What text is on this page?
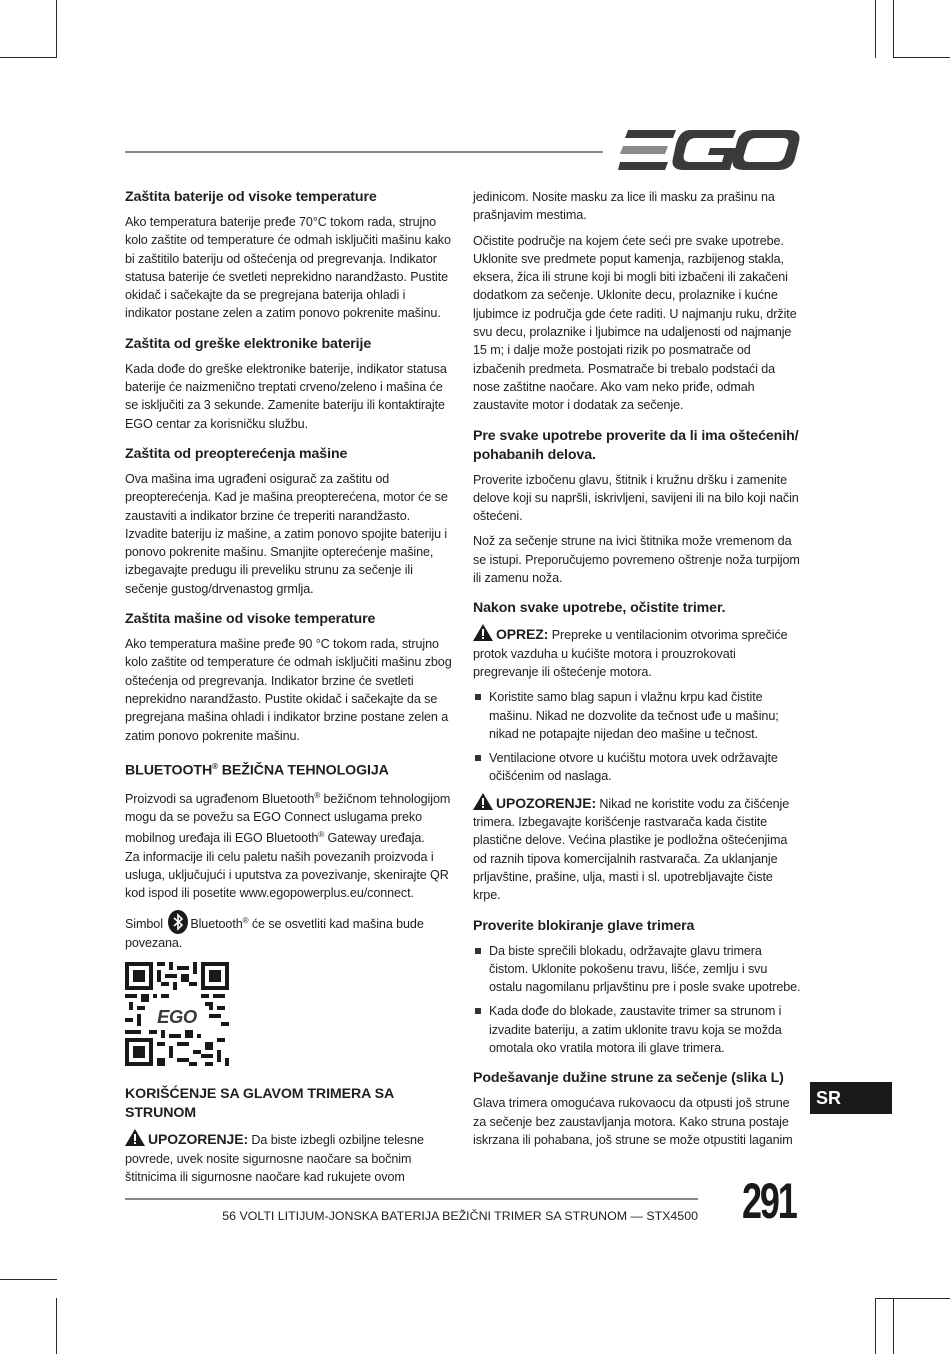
Zaštita baterije od visoke temperature

Ako temperatura baterije pređe 70°C tokom rada, strujno kolo zaštite od temperature će odmah isključiti mašinu kako bi zaštitilo bateriju od oštećenja od pregrevanja. Indikator statusa baterije će svetleti neprekidno narandžasto. Pustite okidač i sačekajte da se pregrejana baterija ohladi i indikator postane zelen a zatim ponovo pokrenite mašinu.

Zaštita od greške elektronike baterije

Kada dođe do greške elektronike baterije, indikator statusa baterije će naizmenično treptati crveno/zeleno i mašina će se isključiti za 3 sekunde. Zamenite bateriju ili kontaktirajte EGO centar za korisničku službu.

Zaštita od preopterećenja mašine

Ova mašina ima ugrađeni osigurač za zaštitu od preopterećenja. Kad je mašina preopterećena, motor će se zaustaviti a indikator brzine će treperiti narandžasto. Izvadite bateriju iz mašine, a zatim ponovo spojite bateriju i ponovo pokrenite mašinu. Smanjite opterećenje mašine, izbegavajte predugu ili preveliku strunu za sečenje ili sečenje gustog/drvenastog grmlja.

Zaštita mašine od visoke temperature

Ako temperatura mašine pređe 90 °C tokom rada, strujno kolo zaštite od temperature će odmah isključiti mašinu zbog oštećenja od pregrevanja. Indikator brzine će svetleti neprekidno narandžasto. Pustite okidač i sačekajte da se pregrejana mašina ohladi i indikator brzine postane zelen a zatim ponovo pokrenite mašinu.

BLUETOOTH® BEŽIČNA TEHNOLOGIJA

Proizvodi sa ugrađenom Bluetooth® bežičnom tehnologijom mogu da se povežu sa EGO Connect uslugama preko mobilnog uređaja ili EGO Bluetooth® Gateway uređaja.

Za informacije ili celu paletu naših povezanih proizvoda i usluga, uključujući i uputstva za povezivanje, skenirajte QR kod ispod ili posetite www.egopowerplus.eu/connect.

Simbol Bluetooth® će se osvetliti kad mašina bude povezana.

EGO
KORIŠĆENJE SA GLAVOM TRIMERA SA STRUNOM

UPOZORENJE: Da biste izbegli ozbiljne telesne povrede, uvek nosite sigurnosne naočare sa bočnim štitnicima ili sigurnosne naočare kad rukujete ovom

jedinicom. Nosite masku za lice ili masku za prašinu na prašnjavim mestima.

Očistite područje na kojem ćete seći pre svake upotrebe. Uklonite sve predmete poput kamenja, razbijenog stakla, eksera, žica ili strune koji bi mogli biti izbačeni ili zakačeni dodatkom za sečenje. Uklonite decu, prolaznike i kućne ljubimce iz područja gde ćete raditi. U najmanju ruku, držite svu decu, prolaznike i ljubimce na udaljenosti od najmanje 15 m; i dalje može postojati rizik po posmatrače od izbačenih predmeta. Posmatrače bi trebalo podstaći da nose zaštitne naočare. Ako vam neko priđe, odmah zaustavite motor i dodatak za sečenje.

Pre svake upotrebe proverite da li ima oštećenih/ pohabanih delova.

Proverite izbočenu glavu, štitnik i kružnu dršku i zamenite delove koji su napršli, iskrivljeni, savijeni ili na bilo koji način oštećeni.

Nož za sečenje strune na ivici štitnika može vremenom da se istupi. Preporučujemo povremeno oštrenje noža turpijom ili zamenu noža.

Nakon svake upotrebe, očistite trimer.

OPREZ: Prepreke u ventilacionim otvorima sprečiće protok vazduha u kućište motora i prouzrokovati pregrevanje ili oštećenje motora.

Koristite samo blag sapun i vlažnu krpu kad čistite mašinu. Nikad ne dozvolite da tečnost uđe u mašinu; nikad ne potapajte nijedan deo mašine u tečnost.
Ventilacione otvore u kućištu motora uvek održavajte očišćenim od naslaga.

UPOZORENJE: Nikad ne koristite vodu za čišćenje trimera. Izbegavajte korišćenje rastvarača kada čistite plastične delove. Većina plastike je podložna oštećenjima od raznih tipova komercijalnih rastvarača. Za uklanjanje prljavštine, prašine, ulja, masti i sl. upotrebljavajte čiste krpe.

Proverite blokiranje glave trimera
Da biste sprečili blokadu, održavajte glavu trimera čistom. Uklonite pokošenu travu, lišće, zemlju i svu ostalu nagomilanu prljavštinu pre i posle svake upotrebe.
Kada dođe do blokade, zaustavite trimer sa strunom i izvadite bateriju, a zatim uklonite travu koja se možda omotala oko vratila motora ili glave trimera.
Podešavanje dužine strune za sečenje (slika L)

Glava trimera omogućava rukovaocu da otpusti još strune za sečenje bez zaustavljanja motora. Kako struna postaje iskrzana ili pohabana, još strune se može otpustiti laganim

SR
56 VOLTI LITIJUM-JONSKA BATERIJA BEŽIČNI TRIMER SA STRUNOM — STX4500 291
